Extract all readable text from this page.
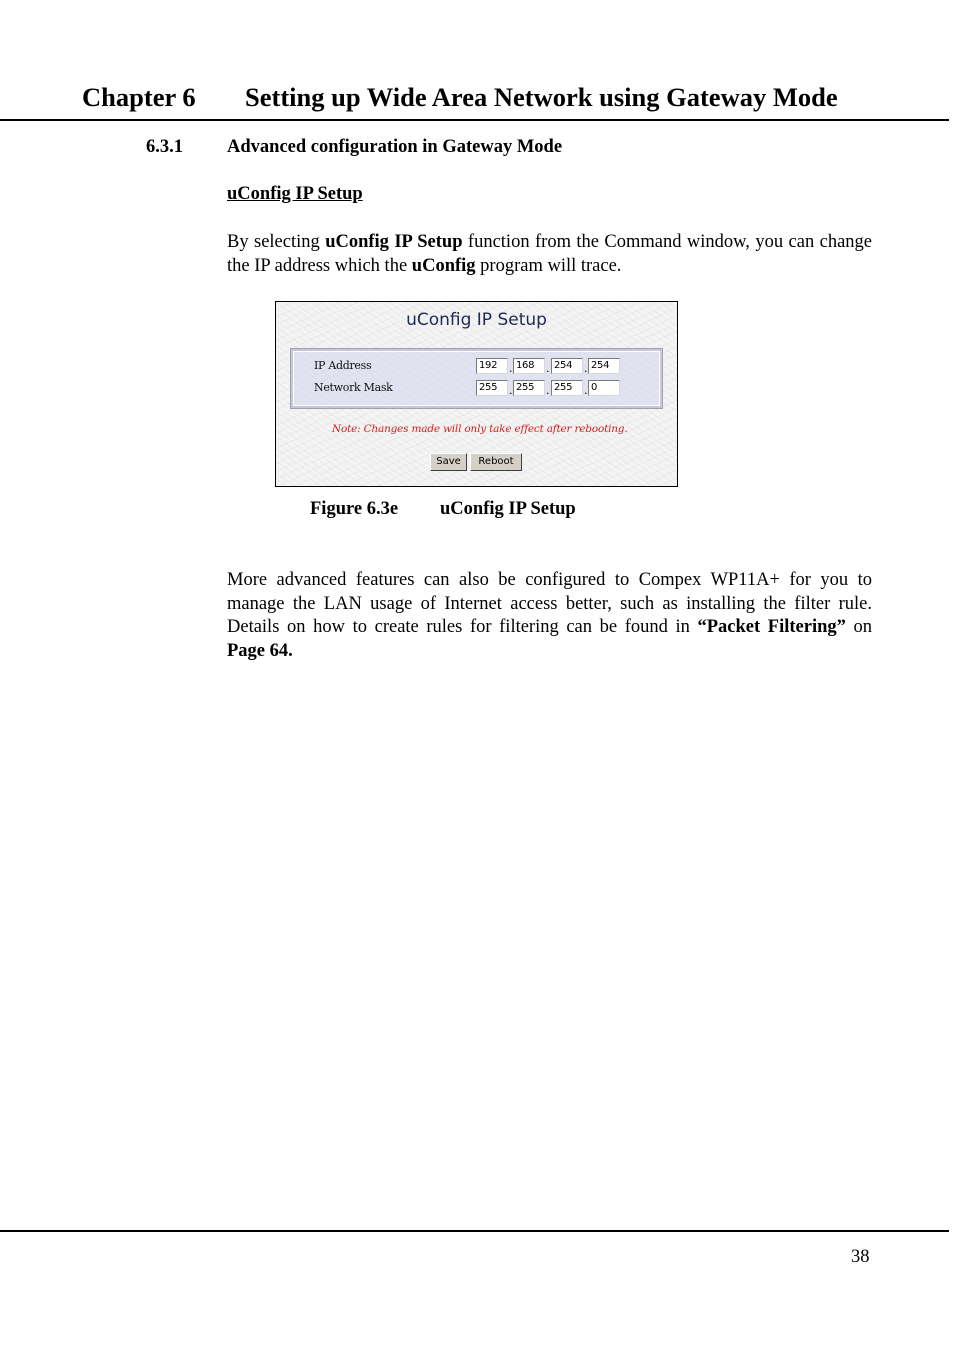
Chapter 6 Setting up Wide Area Network using Gateway Mode
6.3.1 Advanced configuration in Gateway Mode
uConfig IP Setup
By selecting uConfig IP Setup function from the Command window, you can change the IP address which the uConfig program will trace.
uConfig IP Setup
IP Address	192	. 168	. 254	. 254
Network Mask	255	. 255	. 255	. 0
Note: Changes made will only take effect after rebooting.
Save	Reboot
Figure 6.3e uConfig IP Setup
More advanced features can also be configured to Compex WP11A+ for you to manage the LAN usage of Internet access better, such as installing the filter rule. Details on how to create rules for filtering can be found in “Packet Filtering” on Page 64.
38
